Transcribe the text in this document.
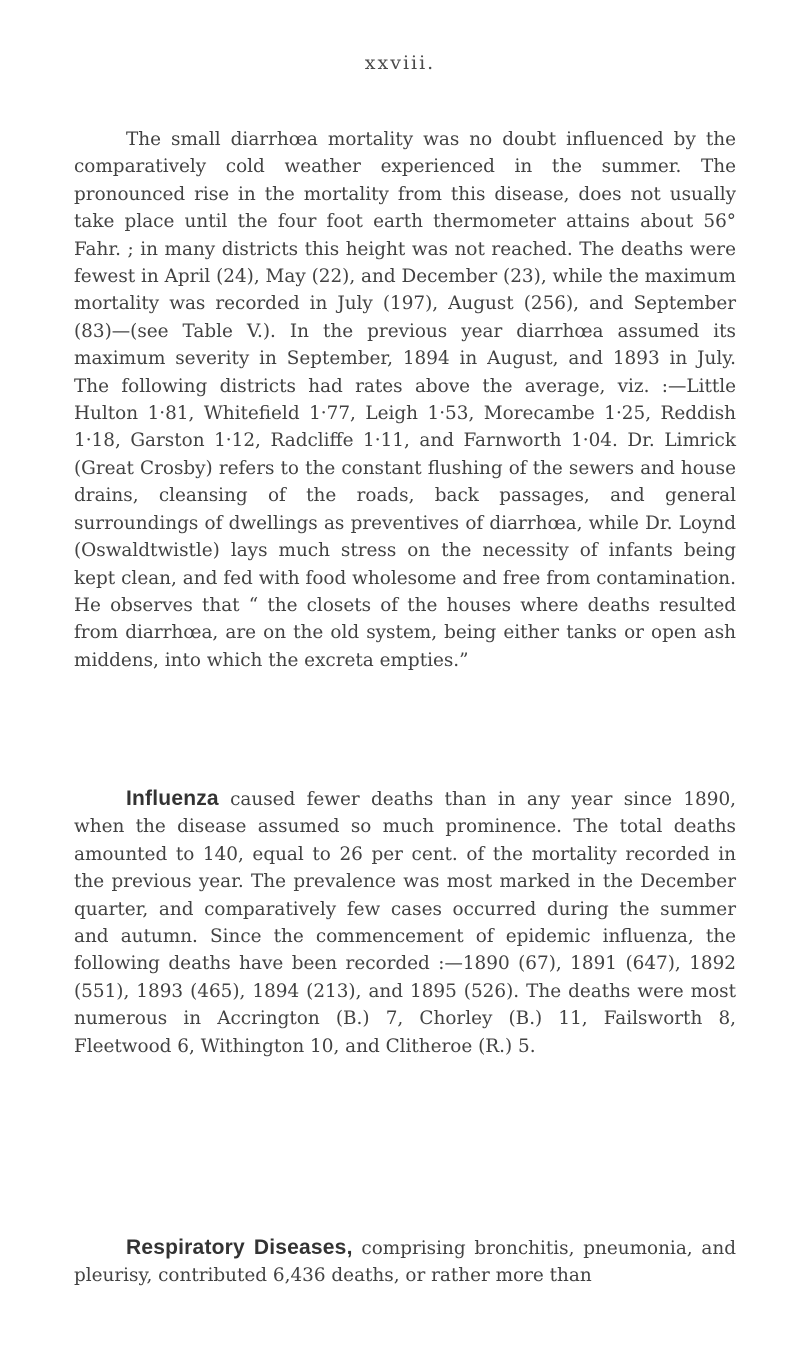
xxviii.

The small diarrhœa mortality was no doubt influenced by the comparatively cold weather experienced in the summer. The pronounced rise in the mortality from this disease, does not usually take place until the four foot earth thermometer attains about 56° Fahr. ; in many districts this height was not reached. The deaths were fewest in April (24), May (22), and December (23), while the maximum mortality was recorded in July (197), August (256), and September (83)—(see Table V.). In the previous year diarrhœa assumed its maximum severity in September, 1894 in August, and 1893 in July. The following districts had rates above the average, viz. :—Little Hulton 1·81, Whitefield 1·77, Leigh 1·53, Morecambe 1·25, Reddish 1·18, Garston 1·12, Radcliffe 1·11, and Farnworth 1·04. Dr. Limrick (Great Crosby) refers to the constant flushing of the sewers and house drains, cleansing of the roads, back passages, and general surroundings of dwellings as preventives of diarrhœa, while Dr. Loynd (Oswaldtwistle) lays much stress on the necessity of infants being kept clean, and fed with food wholesome and free from contamination. He observes that “ the closets of the houses where deaths resulted from diarrhœa, are on the old system, being either tanks or open ash middens, into which the excreta empties.”

Influenza caused fewer deaths than in any year since 1890, when the disease assumed so much prominence. The total deaths amounted to 140, equal to 26 per cent. of the mortality recorded in the previous year. The prevalence was most marked in the December quarter, and comparatively few cases occurred during the summer and autumn. Since the commencement of epidemic influenza, the following deaths have been recorded :—1890 (67), 1891 (647), 1892 (551), 1893 (465), 1894 (213), and 1895 (526). The deaths were most numerous in Accrington (B.) 7, Chorley (B.) 11, Failsworth 8, Fleetwood 6, Withington 10, and Clitheroe (R.) 5.

Respiratory Diseases, comprising bronchitis, pneumonia, and pleurisy, contributed 6,436 deaths, or rather more than
